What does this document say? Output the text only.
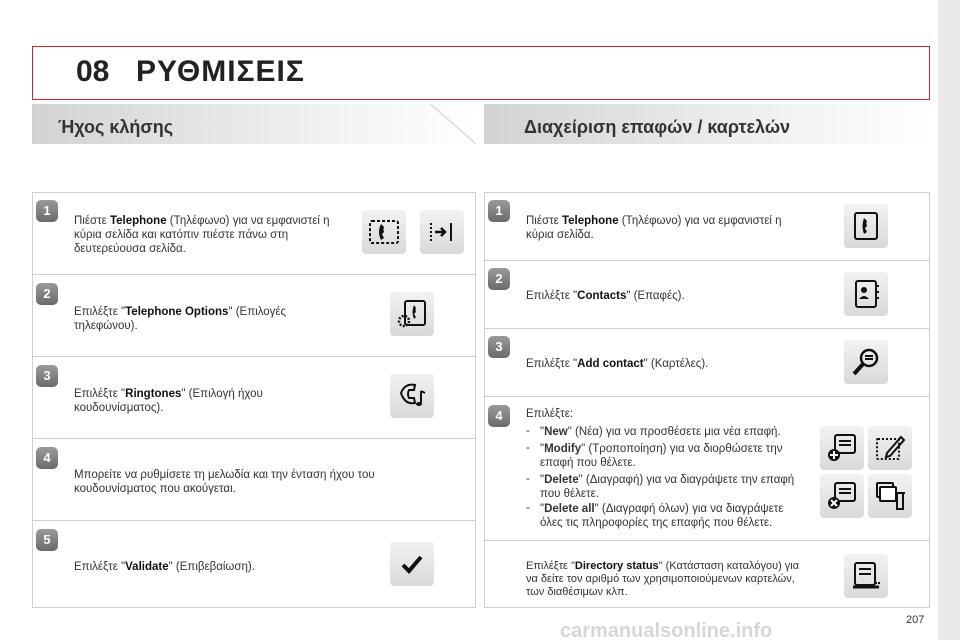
08 ΡΥΘΜΙΣΕΙΣ
Ήχος κλήσης	Διαχείριση επαφών / καρτελών
1
Πιέστε Telephone (Τηλέφωνο) για να εμφανιστεί η κύρια σελίδα και κατόπιν πιέστε πάνω στη δευτερεύουσα σελίδα.
2
Επιλέξτε "Telephone Options" (Επιλογές τηλεφώνου).
3
Επιλέξτε "Ringtones" (Επιλογή ήχου κουδουνίσματος).
4
Μπορείτε να ρυθμίσετε τη μελωδία και την ένταση ήχου του κουδουνίσματος που ακούγεται.
5
Επιλέξτε "Validate" (Επιβεβαίωση).
1
Πιέστε Telephone (Τηλέφωνο) για να εμφανιστεί η κύρια σελίδα.
2
Επιλέξτε "Contacts" (Επαφές).
3
Επιλέξτε "Add contact" (Καρτέλες).
4	Επιλέξτε:
- "New" (Νέα) για να προσθέσετε μια νέα επαφή.
- "Modify" (Τροποποίηση) για να διορθώσετε την επαφή που θέλετε.
- "Delete" (Διαγραφή) για να διαγράψετε την επαφή που θέλετε.
- "Delete all" (Διαγραφή όλων) για να διαγράψετε όλες τις πληροφορίες της επαφής που θέλετε.
Επιλέξτε "Directory status" (Κατάσταση καταλόγου) για να δείτε τον αριθμό των χρησιμοποιούμενων καρτελών, των διαθέσιμων κλπ.
207
carmanualsonline.info
